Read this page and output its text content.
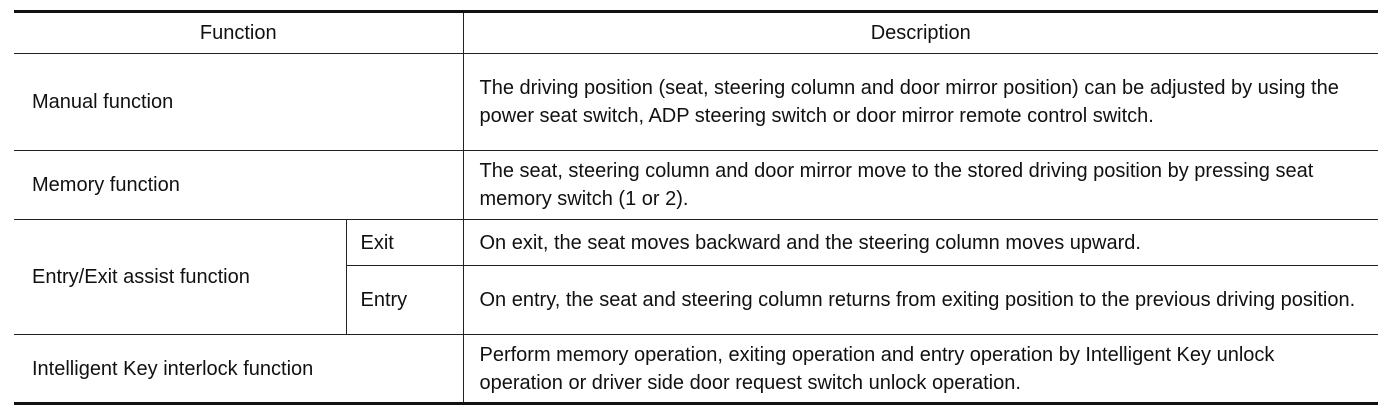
Function		Description
Manual function		The driving position (seat, steering column and door mirror position) can be adjusted by using the power seat switch, ADP steering switch or door mirror remote control switch.
Memory function		The seat, steering column and door mirror move to the stored driving position by pressing seat memory switch (1 or 2).
Entry/Exit assist function	Exit	On exit, the seat moves backward and the steering column moves upward.
	Entry	On entry, the seat and steering column returns from exiting position to the previous driving position.
Intelligent Key interlock function		Perform memory operation, exiting operation and entry operation by Intelligent Key unlock operation or driver side door request switch unlock operation.
